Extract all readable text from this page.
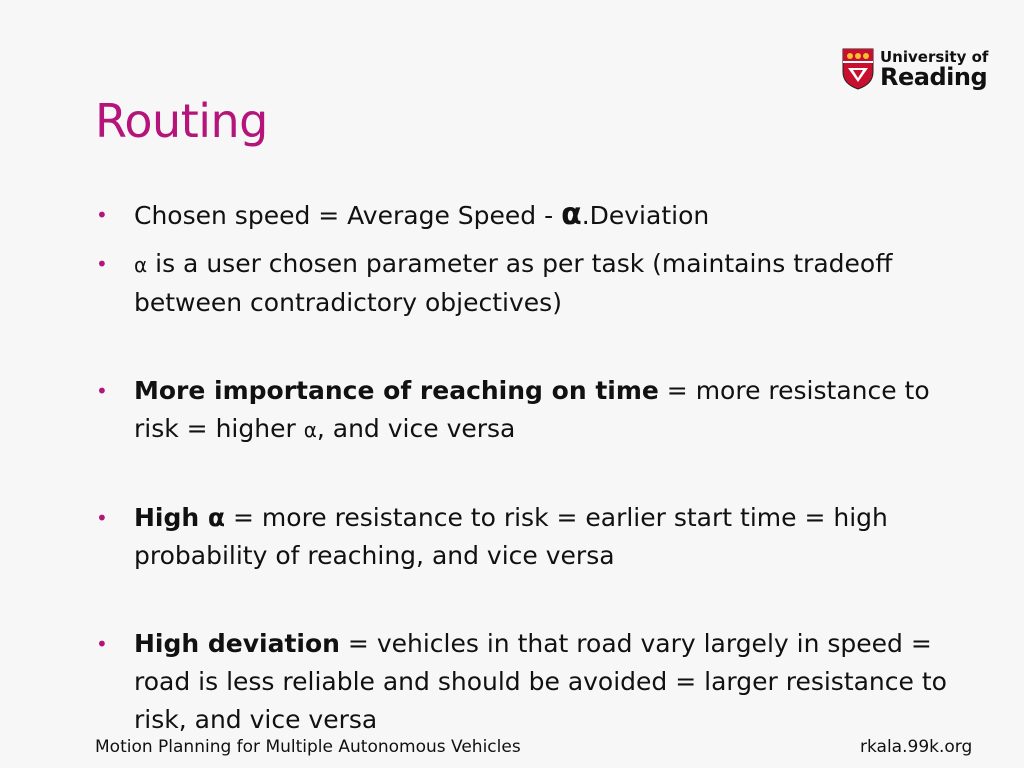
Routing
University of
Reading
•	Chosen speed = Average Speed - α.Deviation
•	α is a user chosen parameter as per task (maintains tradeoff between contradictory objectives)
•	More importance of reaching on time = more resistance to risk = higher α, and vice versa
•	High α = more resistance to risk = earlier start time = high probability of reaching, and vice versa
•	High deviation = vehicles in that road vary largely in speed = road is less reliable and should be avoided = larger resistance to risk, and vice versa
Motion Planning for Multiple Autonomous Vehicles	rkala.99k.org
